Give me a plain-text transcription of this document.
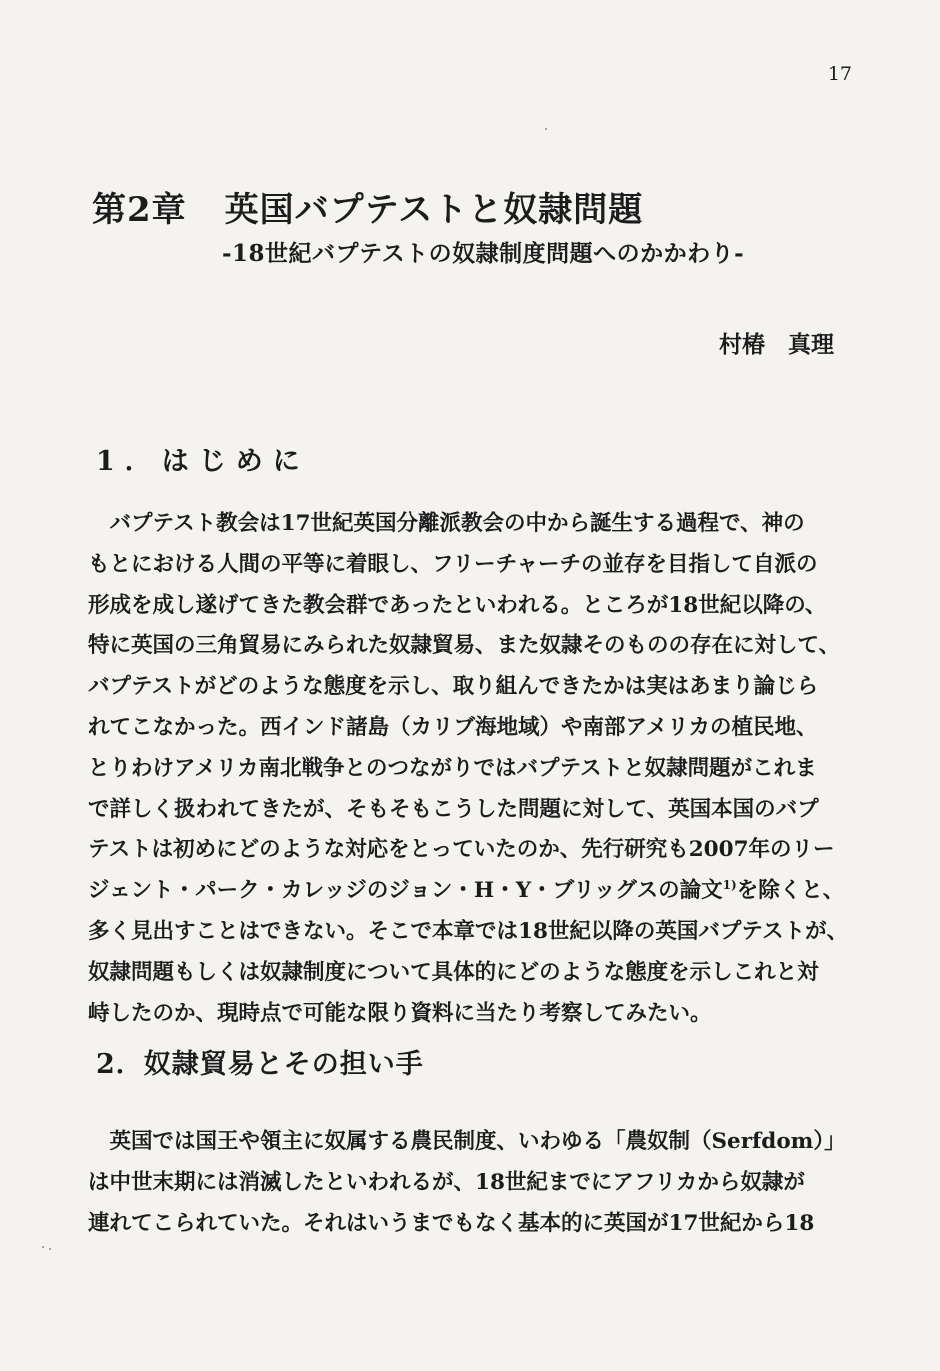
17
第2章 英国バプテストと奴隷問題
-18世紀バプテストの奴隷制度問題へのかかわり-
村椿　真理
1．はじめに
　バプテスト教会は17世紀英国分離派教会の中から誕生する過程で、神の
もとにおける人間の平等に着眼し、フリーチャーチの並存を目指して自派の
形成を成し遂げてきた教会群であったといわれる。ところが18世紀以降の、
特に英国の三角貿易にみられた奴隷貿易、また奴隷そのものの存在に対して、
バプテストがどのような態度を示し、取り組んできたかは実はあまり論じら
れてこなかった。西インド諸島（カリブ海地域）や南部アメリカの植民地、
とりわけアメリカ南北戦争とのつながりではバプテストと奴隷問題がこれま
で詳しく扱われてきたが、そもそもこうした問題に対して、英国本国のバプ
テストは初めにどのような対応をとっていたのか、先行研究も2007年のリー
ジェント・パーク・カレッジのジョン・H・Y・ブリッグスの論文$^{1)}$を除くと、
多く見出すことはできない。そこで本章では18世紀以降の英国バプテストが、
奴隷問題もしくは奴隷制度について具体的にどのような態度を示しこれと対
峙したのか、現時点で可能な限り資料に当たり考察してみたい。
2．奴隷貿易とその担い手
　英国では国王や領主に奴属する農民制度、いわゆる「農奴制（Serfdom）」
は中世末期には消滅したといわれるが、18世紀までにアフリカから奴隷が
連れてこられていた。それはいうまでもなく基本的に英国が17世紀から18
